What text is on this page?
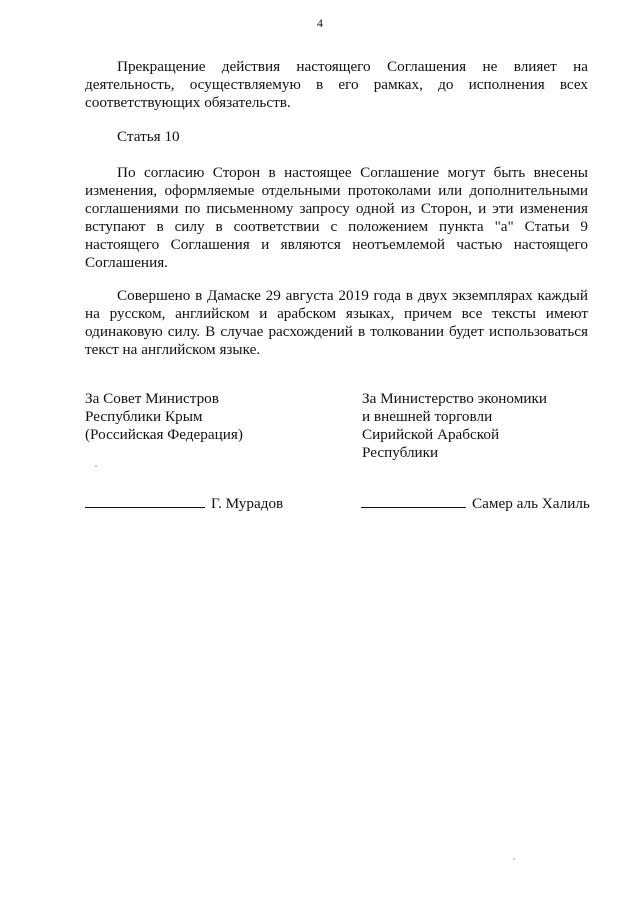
4

Прекращение действия настоящего Соглашения не влияет на деятельность, осуществляемую в его рамках, до исполнения всех соответствующих обязательств.

Статья 10

По согласию Сторон в настоящее Соглашение могут быть внесены изменения, оформляемые отдельными протоколами или дополнительными соглашениями по письменному запросу одной из Сторон, и эти изменения вступают в силу в соответствии с положением пункта "а" Статьи 9 настоящего Соглашения и являются неотъемлемой частью настоящего Соглашения.

Совершено в Дамаске 29 августа 2019 года в двух экземплярах каждый на русском, английском и арабском языках, причем все тексты имеют одинаковую силу. В случае расхождений в толковании будет использоваться текст на английском языке.

За Совет Министров
Республики Крым
(Российская Федерация)
За Министерство экономики
и внешней торговли
Сирийской Арабской
Республики
Г. Мурадов	Самер аль Халиль
